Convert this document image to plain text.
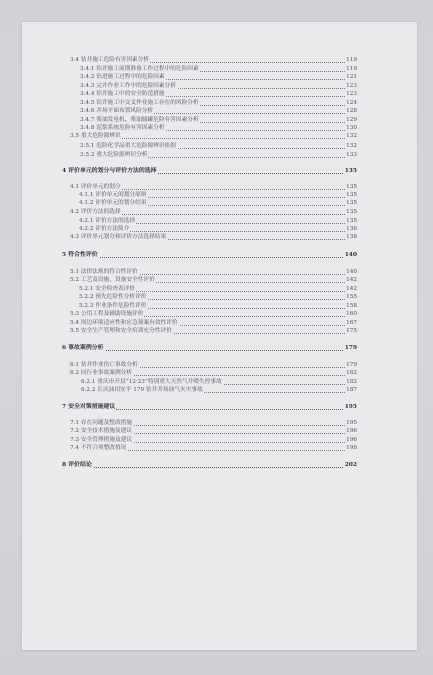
3.4 钻井施工危险有害因素分析	119
3.4.1 钻井施工前期准备工作过程中的危险因素	119
3.4.2 钻进施工过程中的危险因素	121
3.4.3 完井作业工作中的危险因素分析	123
3.4.4 钻井施工中的安全防范措施	123
3.4.5 钻井施工中交叉作业施工存在的风险分析	124
3.4.6 井场平面布置风险分析	128
3.4.7 柴油发电机、柴油储罐危险有害因素分析	129
3.4.8 泥浆系统危险有害因素分析	130
3.5 重大危险源辨识	132
3.5.1 危险化学品重大危险源辨识依据	132
3.5.2 重大危险源辨识分析	133
4 评价单元的划分与评价方法的选择	135
4.1 评价单元的划分	135
4.1.1 评价单元的划分原则	135
4.1.2 评价单元的划分结果	135
4.2 评价方法的选择	135
4.2.1 评价方法的选择	135
4.2.2 评价方法简介	136
4.3 评价单元划分和评价方法选择结果	138
5 符合性评价	140
5.1 法律法规的符合性评价	140
5.2 工艺及设施、设备安全性评价	142
5.2.1 安全检查表评价	142
5.2.2 预先危险性分析评价	155
5.2.3 作业条件危险性评价	158
5.3 公用工程及辅助设施评价	160
5.4 周边环境适应性和应急预案有效性评价	167
5.5 安全生产管理和安全培训充分性评价	175
6 事故案例分析	179
6.1 钻井作业伤亡事故分析	179
6.2 同行业事故案例分析	182
6.2.1 重庆市开县“12·23”特别重大天然气井喷失控事故	182
6.2.2 长庆油田安平 179 钻井井场油气火灾事故	187
7 安全对策措施建议	195
7.1 存在问题及整改措施	195
7.2 安全技术措施及建议	196
7.3 安全管理措施及建议	196
7.4 不符合项整改情况	198
8 评价结论	202
